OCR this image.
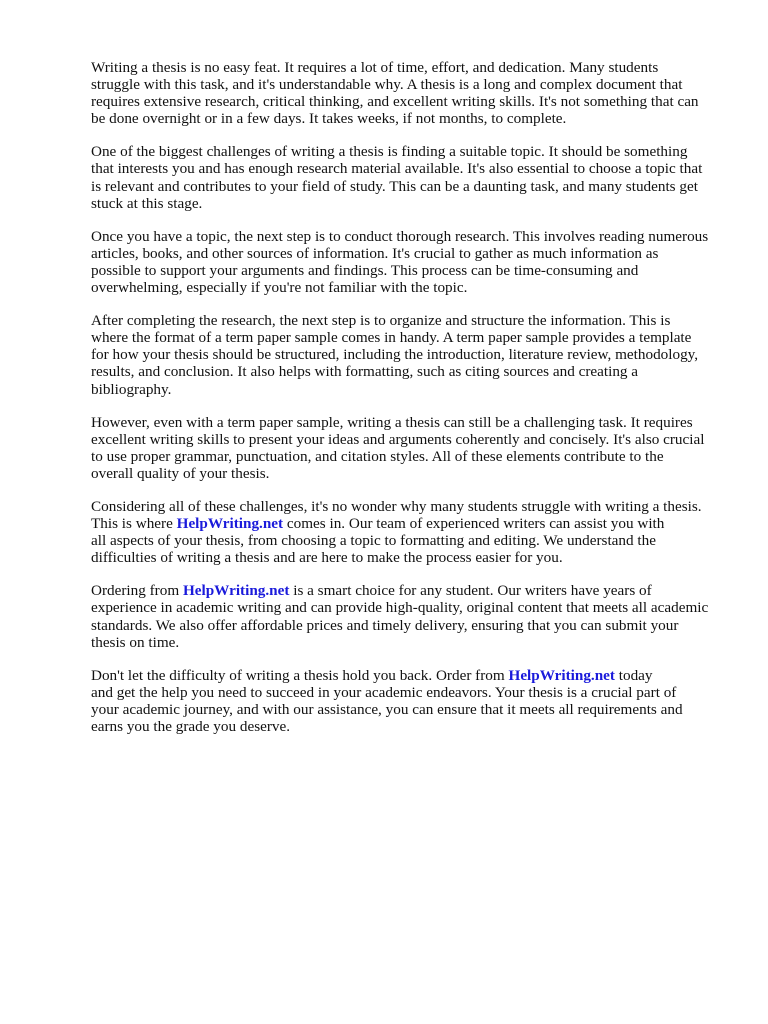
Writing a thesis is no easy feat. It requires a lot of time, effort, and dedication. Many students
struggle with this task, and it's understandable why. A thesis is a long and complex document that
requires extensive research, critical thinking, and excellent writing skills. It's not something that can
be done overnight or in a few days. It takes weeks, if not months, to complete.

One of the biggest challenges of writing a thesis is finding a suitable topic. It should be something
that interests you and has enough research material available. It's also essential to choose a topic that
is relevant and contributes to your field of study. This can be a daunting task, and many students get
stuck at this stage.

Once you have a topic, the next step is to conduct thorough research. This involves reading numerous
articles, books, and other sources of information. It's crucial to gather as much information as
possible to support your arguments and findings. This process can be time-consuming and
overwhelming, especially if you're not familiar with the topic.

After completing the research, the next step is to organize and structure the information. This is
where the format of a term paper sample comes in handy. A term paper sample provides a template
for how your thesis should be structured, including the introduction, literature review, methodology,
results, and conclusion. It also helps with formatting, such as citing sources and creating a
bibliography.

However, even with a term paper sample, writing a thesis can still be a challenging task. It requires
excellent writing skills to present your ideas and arguments coherently and concisely. It's also crucial
to use proper grammar, punctuation, and citation styles. All of these elements contribute to the
overall quality of your thesis.

Considering all of these challenges, it's no wonder why many students struggle with writing a thesis.
This is where HelpWriting.net comes in. Our team of experienced writers can assist you with
all aspects of your thesis, from choosing a topic to formatting and editing. We understand the
difficulties of writing a thesis and are here to make the process easier for you.

Ordering from HelpWriting.net is a smart choice for any student. Our writers have years of
experience in academic writing and can provide high-quality, original content that meets all academic
standards. We also offer affordable prices and timely delivery, ensuring that you can submit your
thesis on time.

Don't let the difficulty of writing a thesis hold you back. Order from HelpWriting.net today
and get the help you need to succeed in your academic endeavors. Your thesis is a crucial part of
your academic journey, and with our assistance, you can ensure that it meets all requirements and
earns you the grade you deserve.
